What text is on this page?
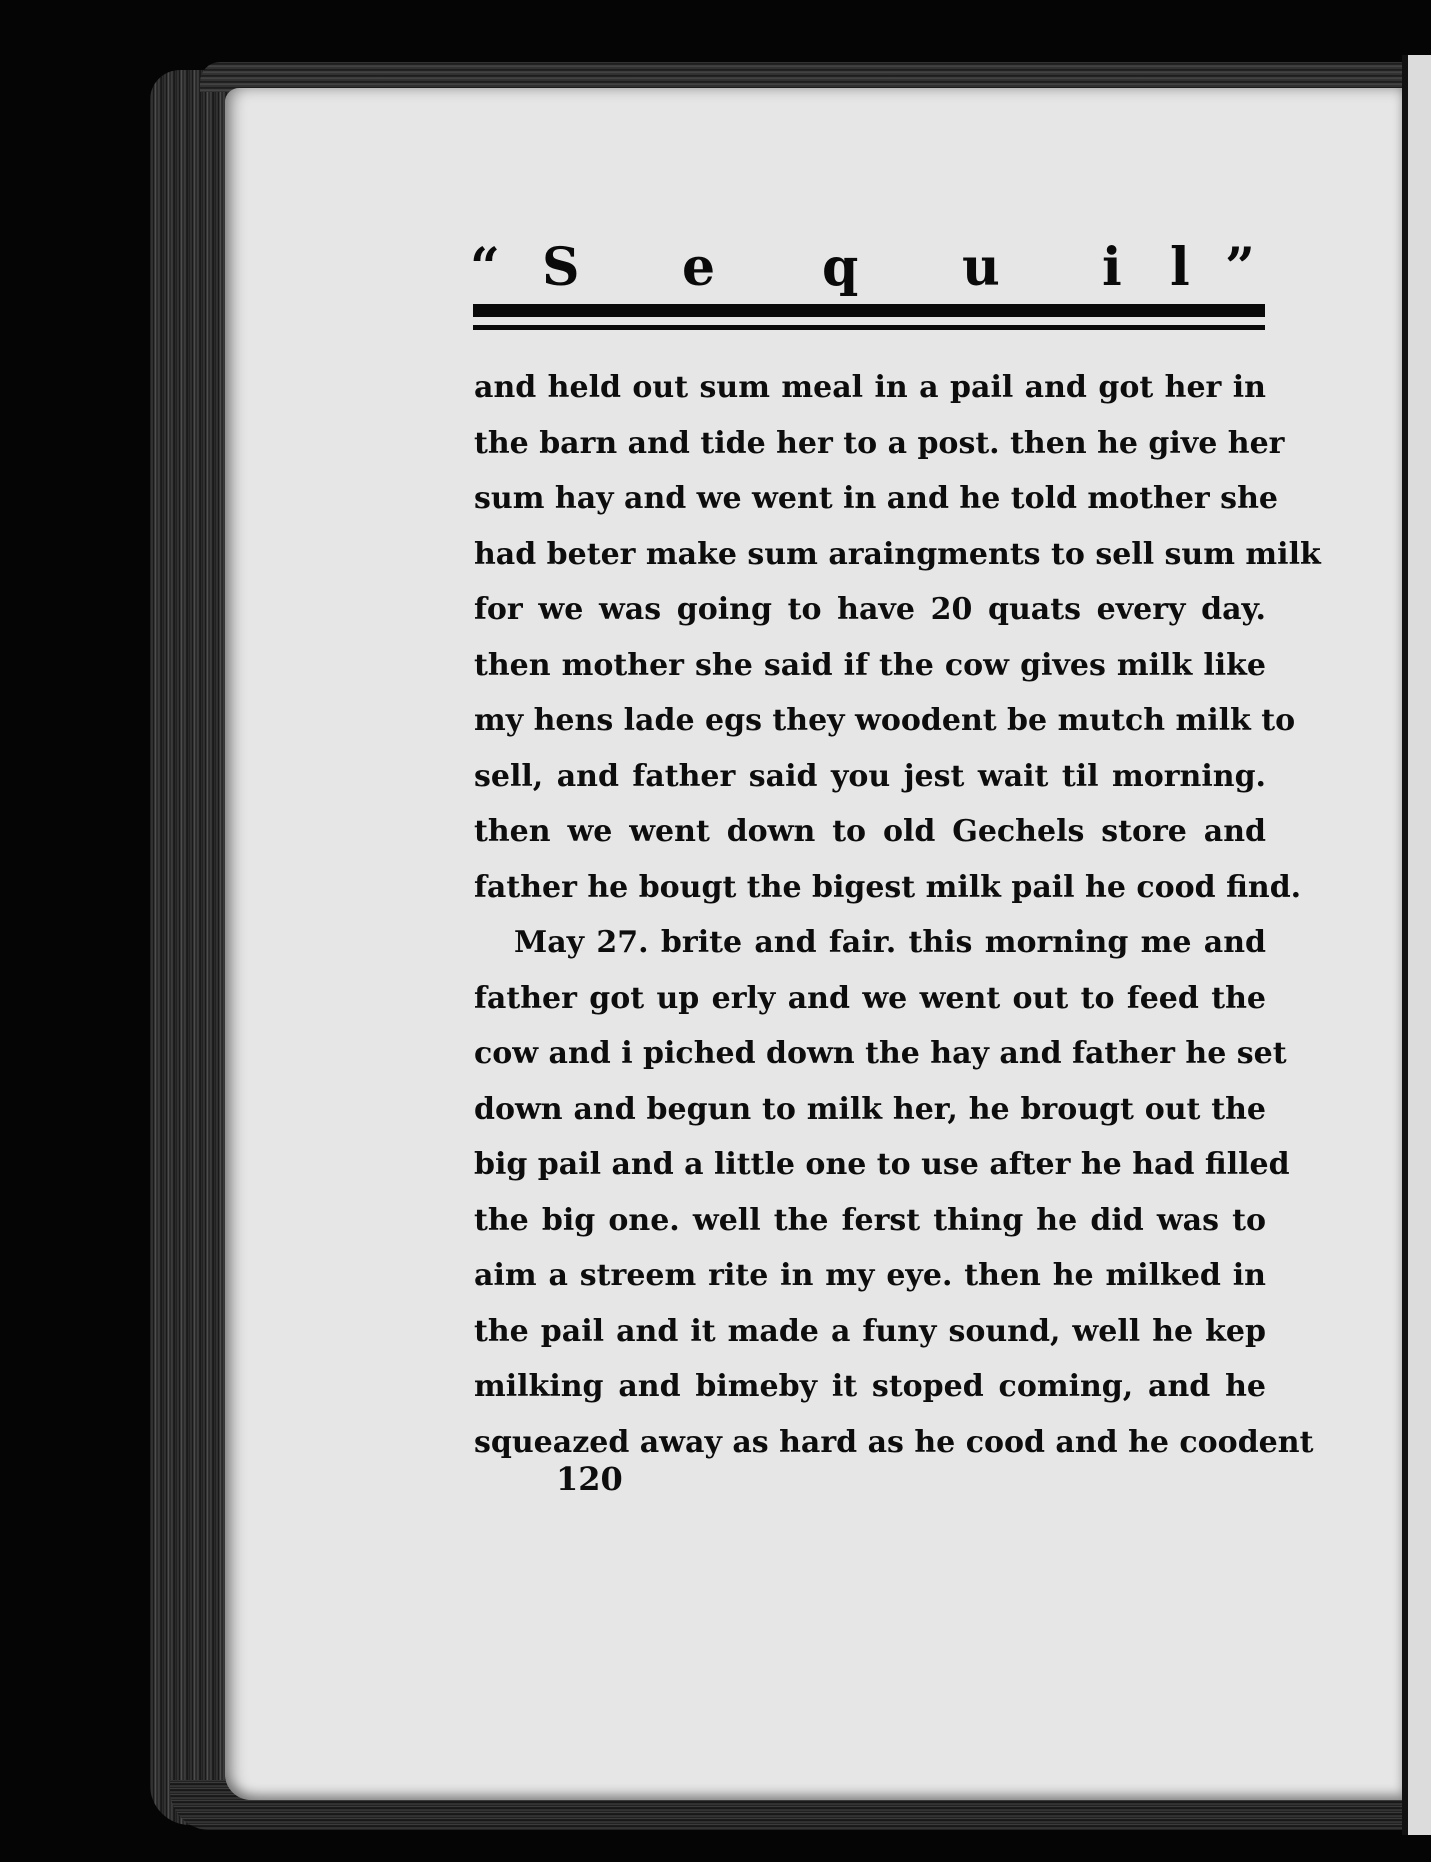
“ S e q u i l ”
and held out sum meal in a pail and got her in
the barn and tide her to a post. then he give her
sum hay and we went in and he told mother she
had beter make sum araingments to sell sum milk
for we was going to have 20 quats every day.
then mother she said if the cow gives milk like
my hens lade egs they woodent be mutch milk to
sell, and father said you jest wait til morning.
then we went down to old Gechels store and
father he bougt the bigest milk pail he cood find.
May 27. brite and fair. this morning me and
father got up erly and we went out to feed the
cow and i piched down the hay and father he set
down and begun to milk her, he brougt out the
big pail and a little one to use after he had filled
the big one. well the ferst thing he did was to
aim a streem rite in my eye. then he milked in
the pail and it made a funy sound, well he kep
milking and bimeby it stoped coming, and he
squeazed away as hard as he cood and he coodent
120
